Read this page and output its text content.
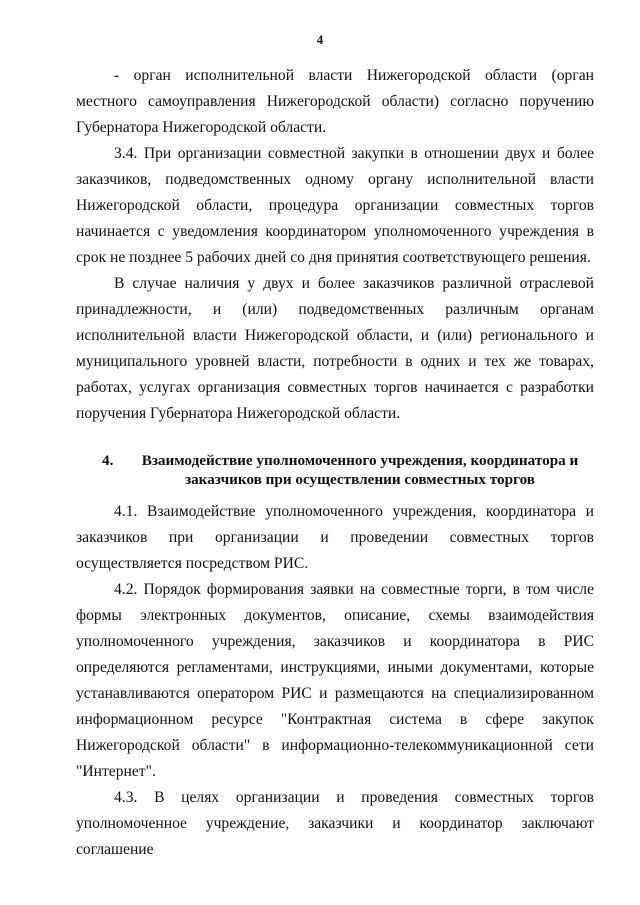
4

- орган исполнительной власти Нижегородской области (орган местного самоуправления Нижегородской области) согласно поручению Губернатора Нижегородской области.

3.4. При организации совместной закупки в отношении двух и более заказчиков, подведомственных одному органу исполнительной власти Нижегородской области, процедура организации совместных торгов начинается с уведомления координатором уполномоченного учреждения в срок не позднее 5 рабочих дней со дня принятия соответствующего решения.

В случае наличия у двух и более заказчиков различной отраслевой принадлежности, и (или) подведомственных различным органам исполнительной власти Нижегородской области, и (или) регионального и муниципального уровней власти, потребности в одних и тех же товарах, работах, услугах организация совместных торгов начинается с разработки поручения Губернатора Нижегородской области.

4.	Взаимодействие уполномоченного учреждения, координатора и заказчиков при осуществлении совместных торгов

4.1. Взаимодействие уполномоченного учреждения, координатора и заказчиков при организации и проведении совместных торгов осуществляется посредством РИС.

4.2. Порядок формирования заявки на совместные торги, в том числе формы электронных документов, описание, схемы взаимодействия уполномоченного учреждения, заказчиков и координатора в РИС определяются регламентами, инструкциями, иными документами, которые устанавливаются оператором РИС и размещаются на специализированном информационном ресурсе "Контрактная система в сфере закупок Нижегородской области" в информационно-телекоммуникационной сети "Интернет".

4.3. В целях организации и проведения совместных торгов уполномоченное учреждение, заказчики и координатор заключают соглашение
